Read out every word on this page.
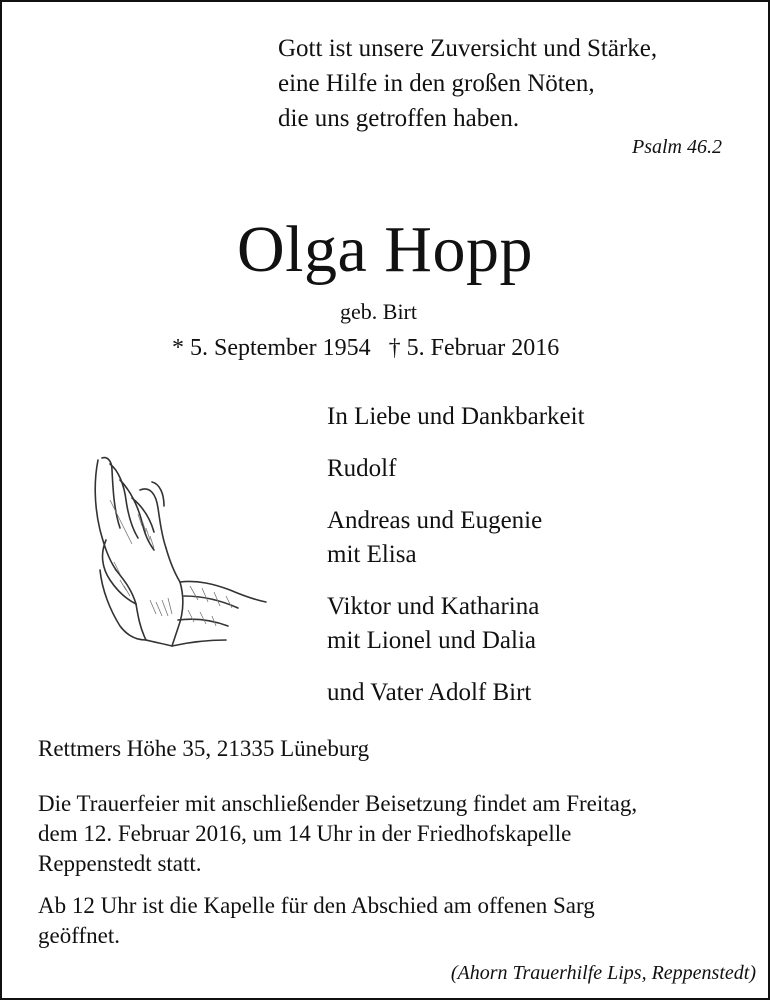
Gott ist unsere Zuversicht und Stärke,
eine Hilfe in den großen Nöten,
die uns getroffen haben.
Psalm 46.2
Olga Hopp
geb. Birt
* 5. September 1954 † 5. Februar 2016
In Liebe und Dankbarkeit
Rudolf
Andreas und Eugenie
mit Elisa
Viktor und Katharina
mit Lionel und Dalia
und Vater Adolf Birt
Rettmers Höhe 35, 21335 Lüneburg
Die Trauerfeier mit anschließender Beisetzung findet am Freitag,
dem 12. Februar 2016, um 14 Uhr in der Friedhofskapelle
Reppenstedt statt.
Ab 12 Uhr ist die Kapelle für den Abschied am offenen Sarg
geöffnet.
(Ahorn Trauerhilfe Lips, Reppenstedt)
